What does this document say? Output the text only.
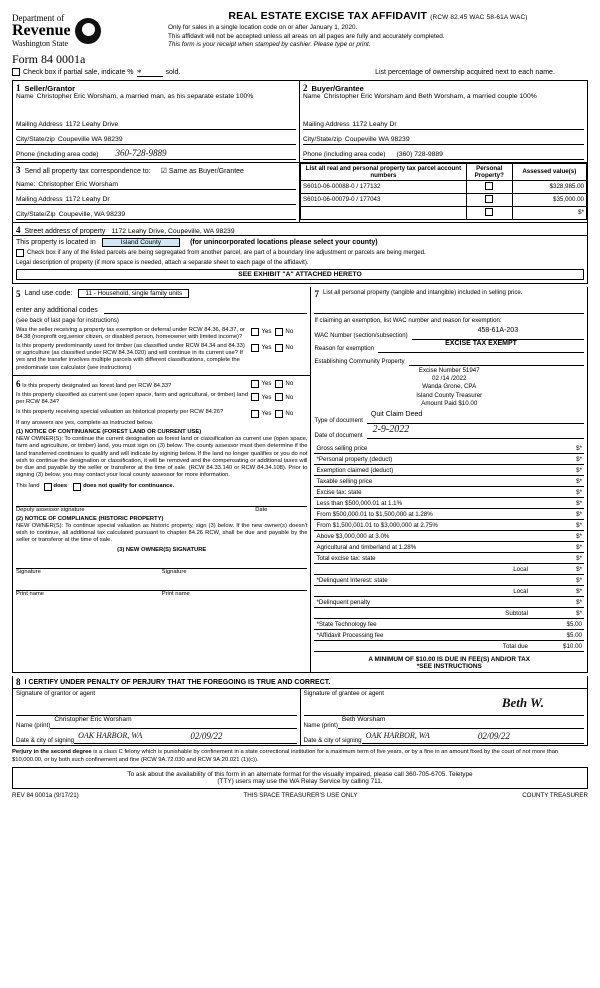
Department of
Revenue
Washington State
REAL ESTATE EXCISE TAX AFFIDAVIT (RCW 82.45 WAC 58-61A WAC)
Only for sales in a single location code on or after January 1, 2020.
This affidavit will not be accepted unless all areas on all pages are fully and accurately completed.
This form is your receipt when stamped by cashier. Please type or print.
Form 84 0001a
Check box if partial sale, indicate % *	sold.	List percentage of ownership acquired next to each name.
1 Seller/Grantor
Name Christopher Eric Worsham, a married man, as his separate estate 100%
Mailing Address 1172 Leahy Drive
City/State/zip Coupeville WA 98239
Phone (including area code) 360-728-9889
2 Buyer/Grantee
Name Christopher Eric Worsham and Beth Worsham, a married couple 100%
Mailing Address 1172 Leahy Dr
City/State/zip Coupeville WA 98239
Phone (including area code) (360) 728-9889
3 Send all property tax correspondence to: ☑ Same as Buyer/Grantee
Name: Christopher Eric Worsham
Mailing Address 1172 Leahy Dr
City/State/Zip Coupeville, WA 98239
List all real and personal property tax parcel account numbers	Personal Property?	Assessed value(s)
S6010-06-00088-0 / 177132		$328,985.00
S6010-06-00079-0 / 177043		$35,000.00
		$*
4 Street address of property 1172 Leahy Drive, Coupeville, WA 98239
This property is located in	Island County	(for unincorporated locations please select your county)
Check box if any of the listed parcels are being segregated from another parcel, are part of a boundary line adjustment or parcels are being merged.
Legal description of property (if more space is needed, attach a separate sheet to each page of the affidavit).
SEE EXHIBIT "A" ATTACHED HERETO
5 Land use code:	11 - Household, single family units
enter any additional codes
(see back of last page for instructions)
Was the seller receiving a property tax exemption or deferral under RCW 84.36, 84.37, or 84.38 (nonprofit org,senior citizen, or disabled person, homeowner with limited income)?
Yes No
Is this property predominantly used for timber (as classified under RCW 84.34 and 84.33) or agriculture (as classified under RCW 84.34.020) and will continue in its current use? If yes and the transfer involves multiple parcels with different classifications, complete the predominate use calculator (see instructions)
Yes No
6 Is this property designated as forest land per RCW 84.33?	Yes No
Is this property classified as current use (open space, farm and agricultural, or timber) land per RCW 84.34?
Yes No
Is this property receiving special valuation as historical property per RCW 84.26?	Yes No
If any answers are yes, complete as instructed below.
(1) NOTICE OF CONTINUANCE (FOREST LAND OR CURRENT USE)
NEW OWNER(S): To continue the current designation as forest land or classification as current use (open space, farm and agriculture, or timber) land, you must sign on (3) below. The county assessor must then determine if the land transferred continues to qualify and will indicate by signing below. If the land no longer qualifies or you do not wish to continue the designation or classification, it will be removed and the compensating or additional taxes will be due and payable by the seller or transferor at the time of sale. (RCW 84.33.140 or RCW 84.34.108). Prior to signing (3) below, you may contact your local county assessor for more information.
This land does	does not qualify for continuance.
Deputy assessor signature	Date
(2) NOTICE OF COMPLIANCE (HISTORIC PROPERTY)
NEW OWNER(S): To continue special valuation as historic property, sign (3) below. If the new owner(s) doesn't wish to continue, all additional tax calculated pursuant to chapter 84.26 RCW, shall be due and payable by the seller or transferor at the time of sale.
(3) NEW OWNER(S) SIGNATURE
Signature	Signature
Print name	Print name
7 List all personal property (tangible and intangible) included in selling price.
If claiming an exemption, list WAC number and reason for exemption:
WAC Number (section/subsection)
458-61A-203
Reason for exemption
EXCISE TAX EXEMPT
Establishing Community Property
Excise Number 51947
02 /14 /2022
Wanda Grone, CPA
Island County Treasurer
Amount Paid $10.00
Type of document
Quit Claim Deed
Date of document	2-9-2022
Gross selling price	$*
*Personal property (deduct)	$*
Exemption claimed (deduct)	$*
Taxable selling price	$*
Excise tax: state	$*
Less than $500,000.01 at 1.1%	$*
From $500,000.01 to $1,500,000 at 1.28%	$*
From $1,500,001.01 to $3,000,000 at 2.75%	$*
Above $3,000,000 at 3.0%	$*
Agricultural and timberland at 1.28%	$*
Total excise tax: state	$*
Local	$*
*Delinquent Interest: state	$*
Local	$*
*Delinquent penalty	$*
Subtotal	$*
*State Technology fee	$5.00
*Affidavit Processing fee	$5.00
Total due	$10.00
A MINIMUM OF $10.00 IS DUE IN FEE(S) AND/OR TAX
*SEE INSTRUCTIONS
8 I CERTIFY UNDER PENALTY OF PERJURY THAT THE FOREGOING IS TRUE AND CORRECT.
Signature of grantor or agent
Name (print)
Christopher Eric Worsham
Date & city of signing
OAK HARBOR, WA	02/09/22
Signature of grantee or agent
Beth W.
Name (print)
Beth Worsham
Date & city of signing
OAK HARBOR, WA	02/09/22
Perjury in the second degree is a class C felony which is punishable by confinement in a state correctional institution for a maximum term of five years, or by a fine in an amount fixed by the court of not more than $10,000.00, or by both such confinement and fine (RCW 9A.72.030 and RCW 9A.20.021 (1)(c)).
To ask about the availability of this form in an alternate format for the visually impaired, please call 360-705-6705. Teletype
(TTY) users may use the WA Relay Service by calling 711.
REV 84 0001a (9/17/21)	THIS SPACE TREASURER'S USE ONLY	COUNTY TREASURER
